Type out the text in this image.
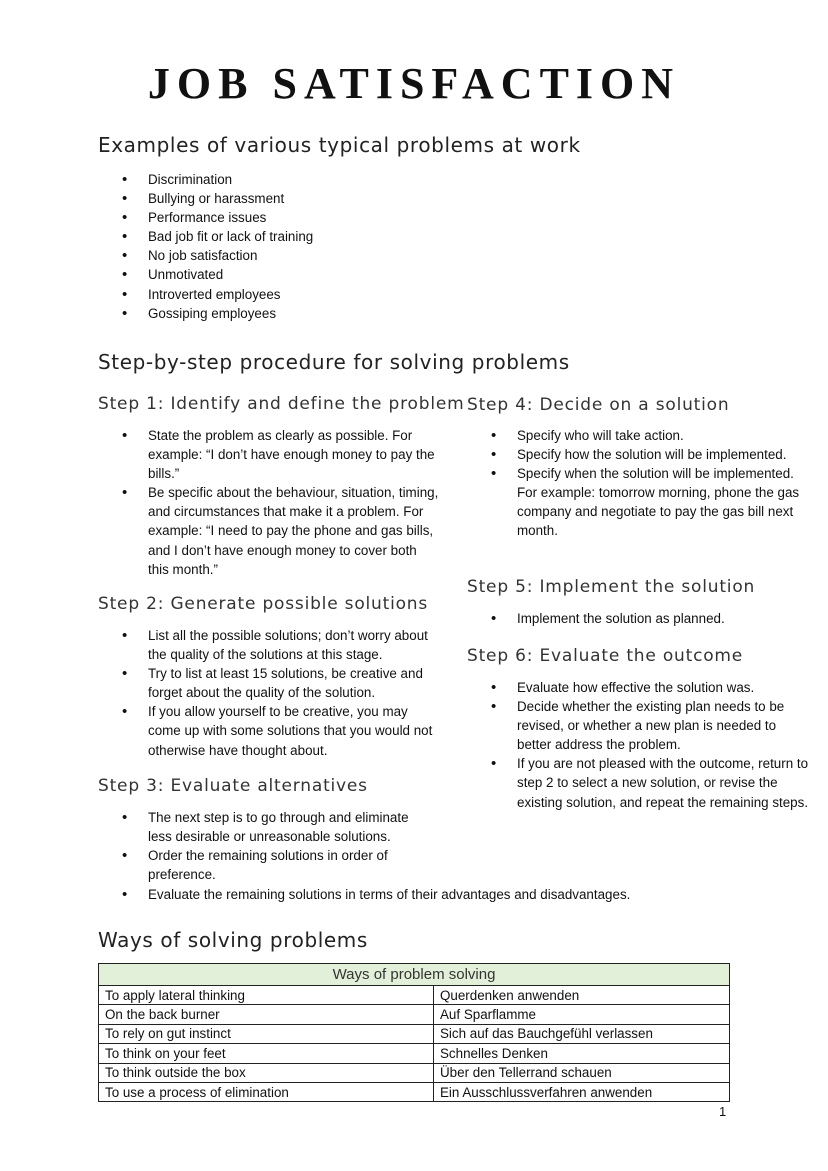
JOB SATISFACTION
Examples of various typical problems at work
• Discrimination
• Bullying or harassment
• Performance issues
• Bad job fit or lack of training
• No job satisfaction
• Unmotivated
• Introverted employees
• Gossiping employees
Step-by-step procedure for solving problems
Step 1: Identify and define the problem
• State the problem as clearly as possible. For example: “I don’t have enough money to pay the bills.”
• Be specific about the behaviour, situation, timing, and circumstances that make it a problem. For example: “I need to pay the phone and gas bills, and I don’t have enough money to cover both this month.”
Step 2: Generate possible solutions
• List all the possible solutions; don’t worry about the quality of the solutions at this stage.
• Try to list at least 15 solutions, be creative and forget about the quality of the solution.
• If you allow yourself to be creative, you may come up with some solutions that you would not otherwise have thought about.
Step 3: Evaluate alternatives
• The next step is to go through and eliminate less desirable or unreasonable solutions.
• Order the remaining solutions in order of preference.
• Evaluate the remaining solutions in terms of their advantages and disadvantages.
Step 4: Decide on a solution
• Specify who will take action.
• Specify how the solution will be implemented.
• Specify when the solution will be implemented. For example: tomorrow morning, phone the gas company and negotiate to pay the gas bill next month.
Step 5: Implement the solution
• Implement the solution as planned.
Step 6: Evaluate the outcome
• Evaluate how effective the solution was.
• Decide whether the existing plan needs to be revised, or whether a new plan is needed to better address the problem.
• If you are not pleased with the outcome, return to step 2 to select a new solution, or revise the existing solution, and repeat the remaining steps.
Ways of solving problems
Ways of problem solving	
To apply lateral thinking	Querdenken anwenden
On the back burner	Auf Sparflamme
To rely on gut instinct	Sich auf das Bauchgefühl verlassen
To think on your feet	Schnelles Denken
To think outside the box	Über den Tellerrand schauen
To use a process of elimination	Ein Ausschlussverfahren anwenden
1
